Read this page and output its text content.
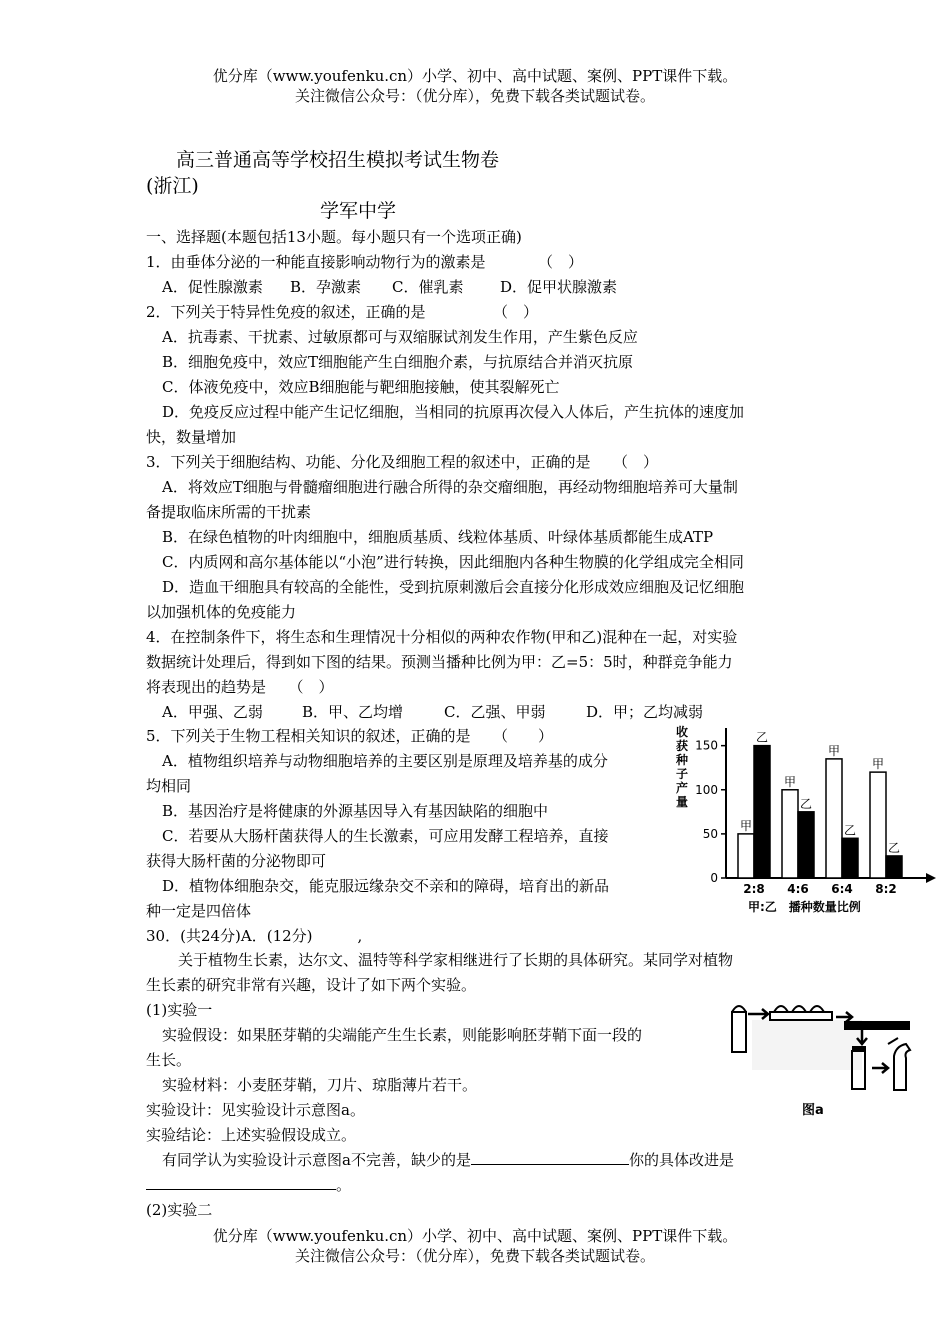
优分库（www.youfenku.cn）小学、初中、高中试题、案例、PPT课件下载。
关注微信公众号：（优分库），免费下载各类试题试卷。
高三普通高等学校招生模拟考试生物卷
(浙江)
学军中学
一、选择题(本题包括13小题。每小题只有一个选项正确)
1．由垂体分泌的一种能直接影响动物行为的激素是　　　　（　）
A．促性腺激素 B．孕激素 C．催乳素 D．促甲状腺激素
2．下列关于特异性免疫的叙述，正确的是　　　　　（　）
A．抗毒素、干扰素、过敏原都可与双缩脲试剂发生作用，产生紫色反应
B．细胞免疫中，效应T细胞能产生白细胞介素，与抗原结合并消灭抗原
C．体液免疫中，效应B细胞能与靶细胞接触，使其裂解死亡
D．免疫反应过程中能产生记忆细胞，当相同的抗原再次侵入人体后，产生抗体的速度加
快，数量增加
3．下列关于细胞结构、功能、分化及细胞工程的叙述中，正确的是　　（　）
A．将效应T细胞与骨髓瘤细胞进行融合所得的杂交瘤细胞，再经动物细胞培养可大量制
备提取临床所需的干扰素
B．在绿色植物的叶肉细胞中，细胞质基质、线粒体基质、叶绿体基质都能生成ATP
C．内质网和高尔基体能以“小泡”进行转换，因此细胞内各种生物膜的化学组成完全相同
D．造血干细胞具有较高的全能性，受到抗原刺激后会直接分化形成效应细胞及记忆细胞
以加强机体的免疫能力
4．在控制条件下，将生态和生理情况十分相似的两种农作物(甲和乙)混种在一起，对实验
数据统计处理后，得到如下图的结果。预测当播种比例为甲：乙=5：5时，种群竞争能力
将表现出的趋势是　　（　）
A．甲强、乙弱	B．甲、乙均增	C．乙强、甲弱	D．甲；乙均减弱
5．下列关于生物工程相关知识的叙述，正确的是　　（　　）
A．植物组织培养与动物细胞培养的主要区别是原理及培养基的成分
均相同
B．基因治疗是将健康的外源基因导入有基因缺陷的细胞中
C．若要从大肠杆菌获得人的生长激素，可应用发酵工程培养，直接
获得大肠杆菌的分泌物即可
D．植物体细胞杂交，能克服远缘杂交不亲和的障碍，培育出的新品
种一定是四倍体
收
获
种
子
产
量
0
50
100
150
甲
乙
2:8
甲
乙
4:6
甲
乙
6:4
甲
乙
8:2
甲:乙　播种数量比例
30．(共24分)A．(12分)　　　,
关于植物生长素，达尔文、温特等科学家相继进行了长期的具体研究。某同学对植物
生长素的研究非常有兴趣，设计了如下两个实验。
(1)实验一
实验假设：如果胚芽鞘的尖端能产生生长素，则能影响胚芽鞘下面一段的
生长。
实验材料：小麦胚芽鞘，刀片、琼脂薄片若干。
实验设计：见实验设计示意图a。
实验结论：上述实验假设成立。
有同学认为实验设计示意图a不完善，缺少的是	你的具体改进是
。
(2)实验二
图a
优分库（www.youfenku.cn）小学、初中、高中试题、案例、PPT课件下载。
关注微信公众号：（优分库），免费下载各类试题试卷。
